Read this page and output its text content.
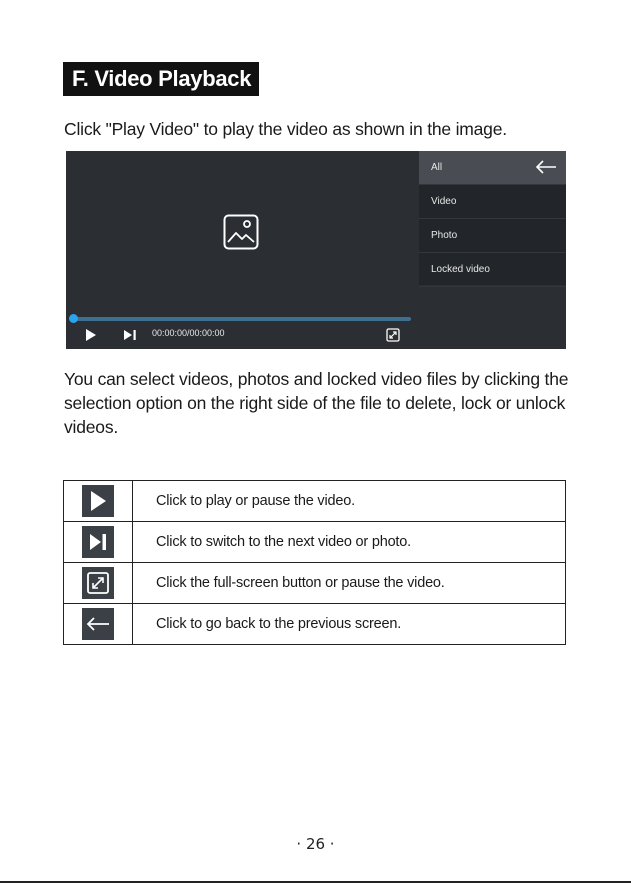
F. Video Playback
Click "Play Video" to play the video as shown in the image.
All
Video
Photo
Locked video
00:00:00/00:00:00
You can select videos, photos and locked video files by clicking the selection option on the right side of the file to delete, lock or unlock videos.
	Click to play or pause the video.

	Click to switch to the next video or photo.

	Click the full-screen button or pause the video.

	Click to go back to the previous screen.
· 26 ·
